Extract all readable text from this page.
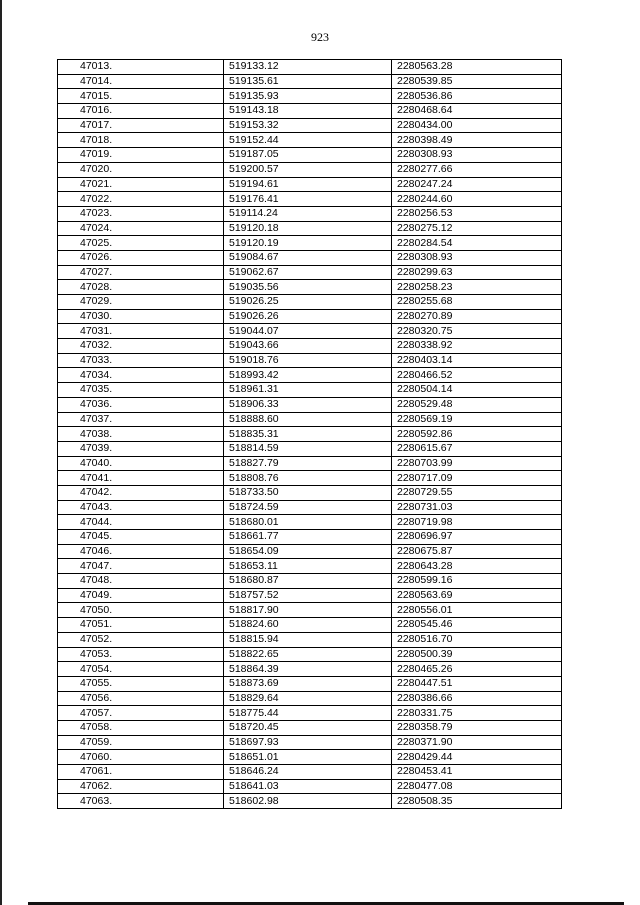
923
47013.	519133.12	2280563.28
47014.	519135.61	2280539.85
47015.	519135.93	2280536.86
47016.	519143.18	2280468.64
47017.	519153.32	2280434.00
47018.	519152.44	2280398.49
47019.	519187.05	2280308.93
47020.	519200.57	2280277.66
47021.	519194.61	2280247.24
47022.	519176.41	2280244.60
47023.	519114.24	2280256.53
47024.	519120.18	2280275.12
47025.	519120.19	2280284.54
47026.	519084.67	2280308.93
47027.	519062.67	2280299.63
47028.	519035.56	2280258.23
47029.	519026.25	2280255.68
47030.	519026.26	2280270.89
47031.	519044.07	2280320.75
47032.	519043.66	2280338.92
47033.	519018.76	2280403.14
47034.	518993.42	2280466.52
47035.	518961.31	2280504.14
47036.	518906.33	2280529.48
47037.	518888.60	2280569.19
47038.	518835.31	2280592.86
47039.	518814.59	2280615.67
47040.	518827.79	2280703.99
47041.	518808.76	2280717.09
47042.	518733.50	2280729.55
47043.	518724.59	2280731.03
47044.	518680.01	2280719.98
47045.	518661.77	2280696.97
47046.	518654.09	2280675.87
47047.	518653.11	2280643.28
47048.	518680.87	2280599.16
47049.	518757.52	2280563.69
47050.	518817.90	2280556.01
47051.	518824.60	2280545.46
47052.	518815.94	2280516.70
47053.	518822.65	2280500.39
47054.	518864.39	2280465.26
47055.	518873.69	2280447.51
47056.	518829.64	2280386.66
47057.	518775.44	2280331.75
47058.	518720.45	2280358.79
47059.	518697.93	2280371.90
47060.	518651.01	2280429.44
47061.	518646.24	2280453.41
47062.	518641.03	2280477.08
47063.	518602.98	2280508.35
